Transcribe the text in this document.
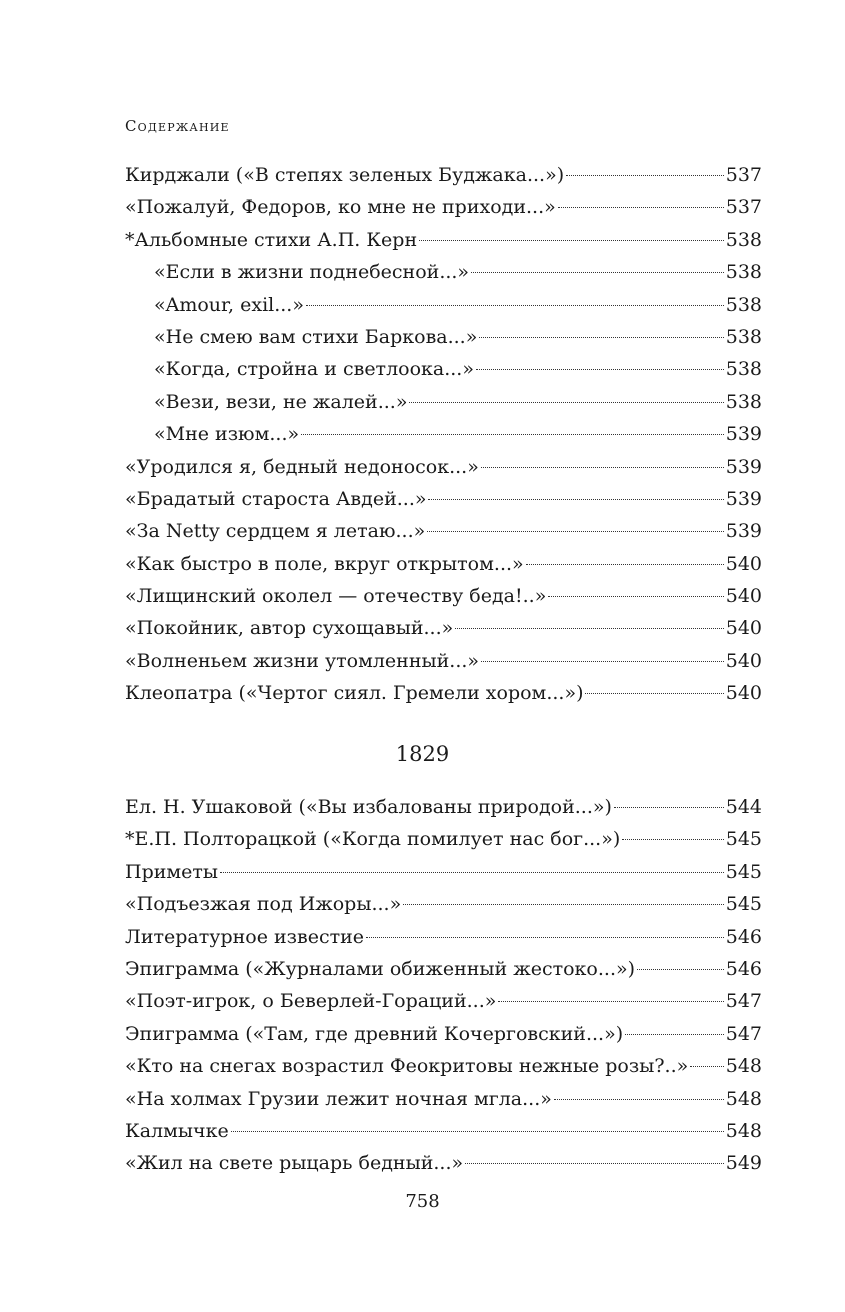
Содержание
Кирджали («В степях зеленых Буджака...»)	537
«Пожалуй, Федоров, ко мне не приходи...»	537
*Альбомные стихи А.П. Керн	538
«Если в жизни поднебесной...»	538
«Amour, exil...»	538
«Не смею вам стихи Баркова...»	538
«Когда, стройна и светлоока...»	538
«Вези, вези, не жалей...»	538
«Мне изюм...»	539
«Уродился я, бедный недоносок...»	539
«Брадатый староста Авдей...»	539
«За Netty сердцем я летаю...»	539
«Как быстро в поле, вкруг открытом...»	540
«Лищинский околел — отечеству беда!..»	540
«Покойник, автор сухощавый...»	540
«Волненьем жизни утомленный...»	540
Клеопатра («Чертог сиял. Гремели хором...»)	540
1829
Ел. Н. Ушаковой («Вы избалованы природой...»)	544
*Е.П. Полторацкой («Когда помилует нас бог...»)	545
Приметы	545
«Подъезжая под Ижоры...»	545
Литературное известие	546
Эпиграмма («Журналами обиженный жестоко...»)	546
«Поэт-игрок, о Беверлей-Гораций...»	547
Эпиграмма («Там, где древний Кочерговский...»)	547
«Кто на снегах возрастил Феокритовы нежные розы?..» 548
«На холмах Грузии лежит ночная мгла...»	548
Калмычке	548
«Жил на свете рыцарь бедный...»	549
758
